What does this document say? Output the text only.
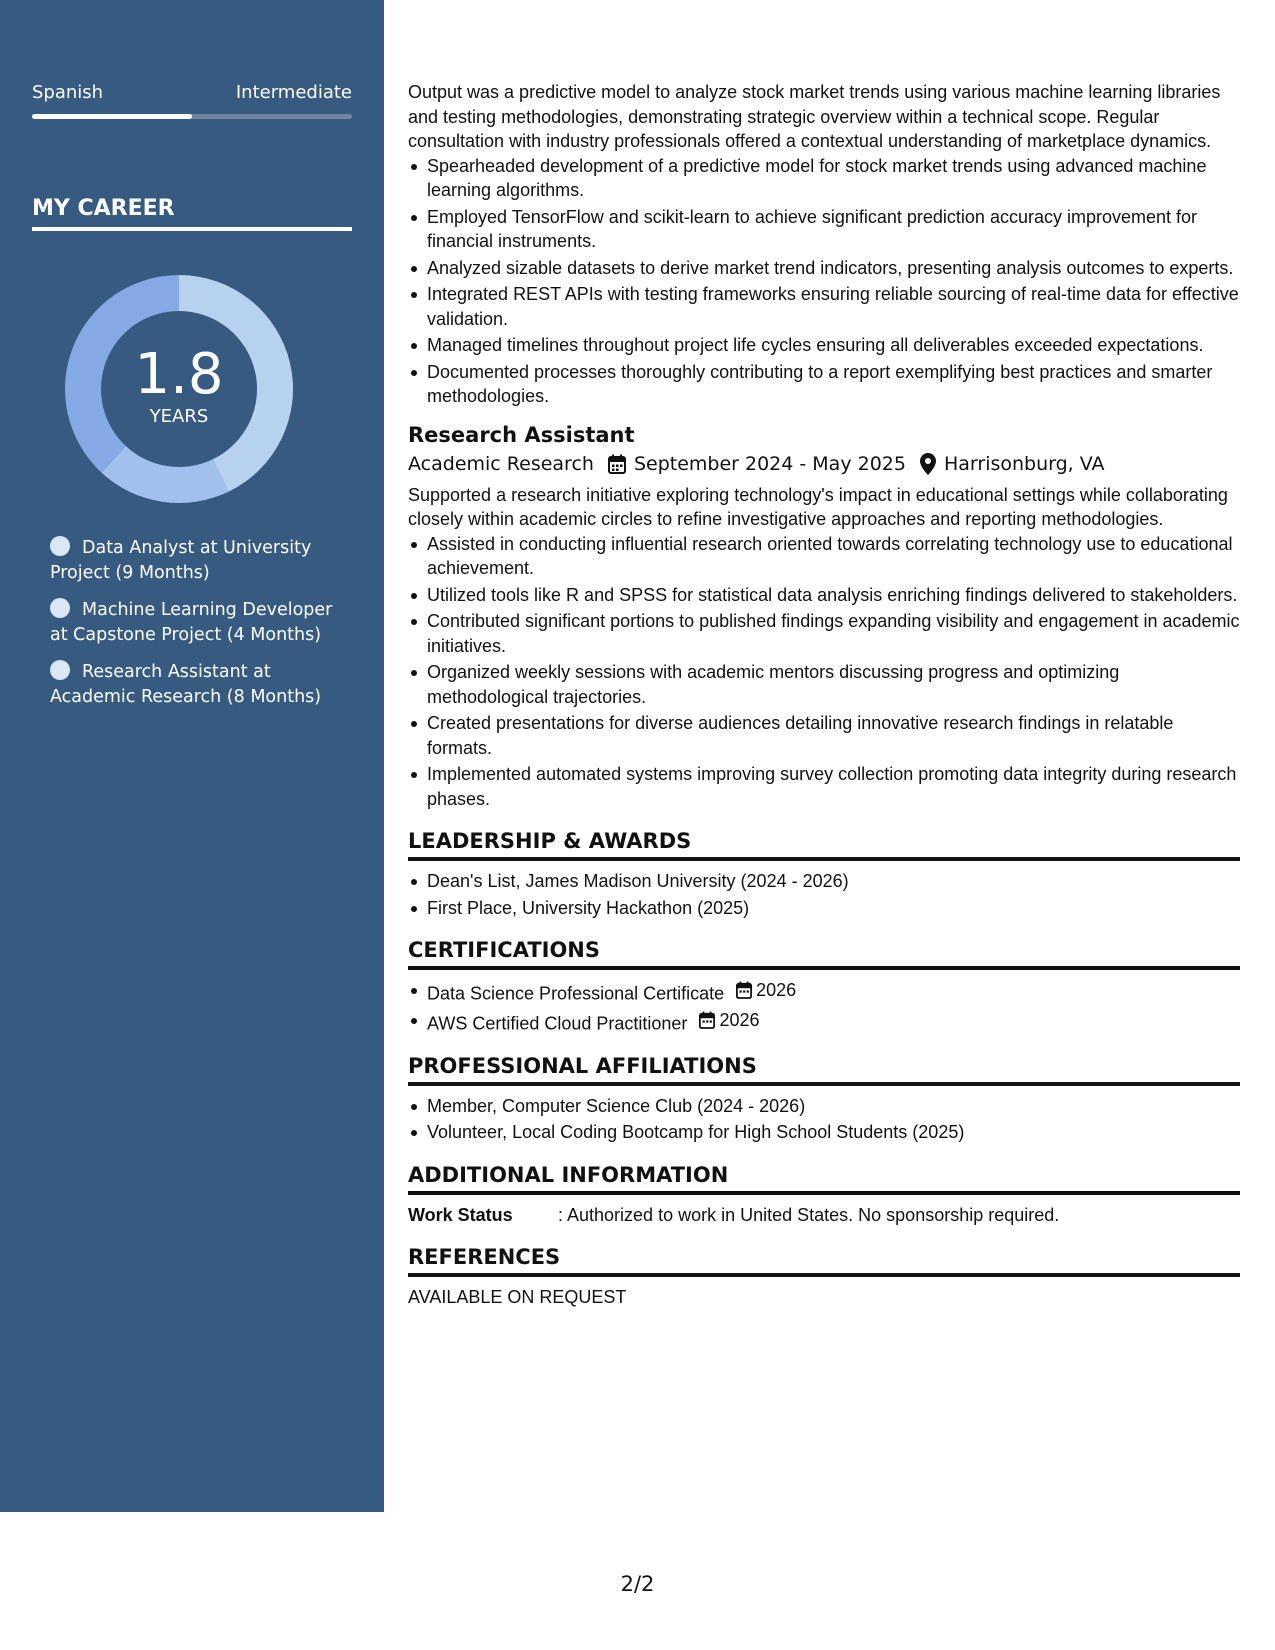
Spanish	Intermediate
MY CAREER
1.8
YEARS
Data Analyst at University Project (9 Months)
Machine Learning Developer at Capstone Project (4 Months)
Research Assistant at Academic Research (8 Months)

Output was a predictive model to analyze stock market trends using various machine learning libraries and testing methodologies, demonstrating strategic overview within a technical scope. Regular consultation with industry professionals offered a contextual understanding of marketplace dynamics.

Spearheaded development of a predictive model for stock market trends using advanced machine learning algorithms.
Employed TensorFlow and scikit-learn to achieve significant prediction accuracy improvement for financial instruments.
Analyzed sizable datasets to derive market trend indicators, presenting analysis outcomes to experts.
Integrated REST APIs with testing frameworks ensuring reliable sourcing of real-time data for effective validation.
Managed timelines throughout project life cycles ensuring all deliverables exceeded expectations.
Documented processes thoroughly contributing to a report exemplifying best practices and smarter methodologies.
Research Assistant
Academic Research September 2024 - May 2025 Harrisonburg, VA

Supported a research initiative exploring technology's impact in educational settings while collaborating closely within academic circles to refine investigative approaches and reporting methodologies.

Assisted in conducting influential research oriented towards correlating technology use to educational achievement.
Utilized tools like R and SPSS for statistical data analysis enriching findings delivered to stakeholders.
Contributed significant portions to published findings expanding visibility and engagement in academic initiatives.
Organized weekly sessions with academic mentors discussing progress and optimizing methodological trajectories.
Created presentations for diverse audiences detailing innovative research findings in relatable formats.
Implemented automated systems improving survey collection promoting data integrity during research phases.
LEADERSHIP & AWARDS
Dean's List, James Madison University (2024 - 2026)
First Place, University Hackathon (2025)
CERTIFICATIONS
Data Science Professional Certificate 2026
AWS Certified Cloud Practitioner 2026
PROFESSIONAL AFFILIATIONS
Member, Computer Science Club (2024 - 2026)
Volunteer, Local Coding Bootcamp for High School Students (2025)
ADDITIONAL INFORMATION
Work Status	: Authorized to work in United States. No sponsorship required.
REFERENCES
AVAILABLE ON REQUEST
2/2
